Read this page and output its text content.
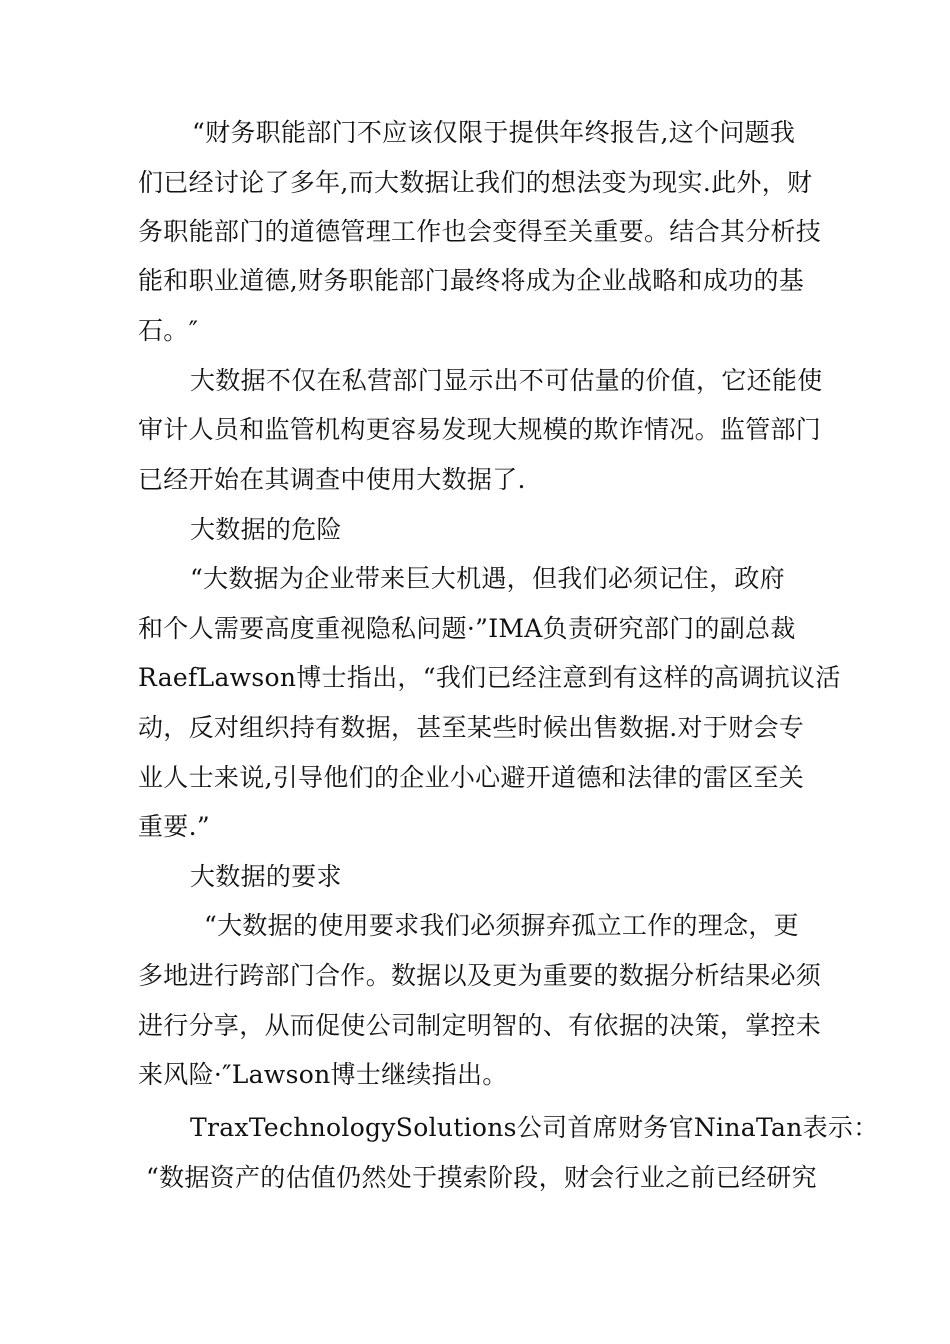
“财务职能部门不应该仅限于提供年终报告,这个问题我
们已经讨论了多年,而大数据让我们的想法变为现实.此外，财
务职能部门的道德管理工作也会变得至关重要。结合其分析技
能和职业道德,财务职能部门最终将成为企业战略和成功的基
石。″
大数据不仅在私营部门显示出不可估量的价值，它还能使
审计人员和监管机构更容易发现大规模的欺诈情况。监管部门
已经开始在其调查中使用大数据了.
大数据的危险
“大数据为企业带来巨大机遇，但我们必须记住，政府
和个人需要高度重视隐私问题·”IMA负责研究部门的副总裁
RaefLawson博士指出，“我们已经注意到有这样的高调抗议活
动，反对组织持有数据，甚至某些时候出售数据.对于财会专
业人士来说,引导他们的企业小心避开道德和法律的雷区至关
重要.”
大数据的要求
“大数据的使用要求我们必须摒弃孤立工作的理念，更
多地进行跨部门合作。数据以及更为重要的数据分析结果必须
进行分享，从而促使公司制定明智的、有依据的决策，掌控未
来风险·″Lawson博士继续指出。
TraxTechnologySolutions公司首席财务官NinaTan表示：
“数据资产的估值仍然处于摸索阶段，财会行业之前已经研究
